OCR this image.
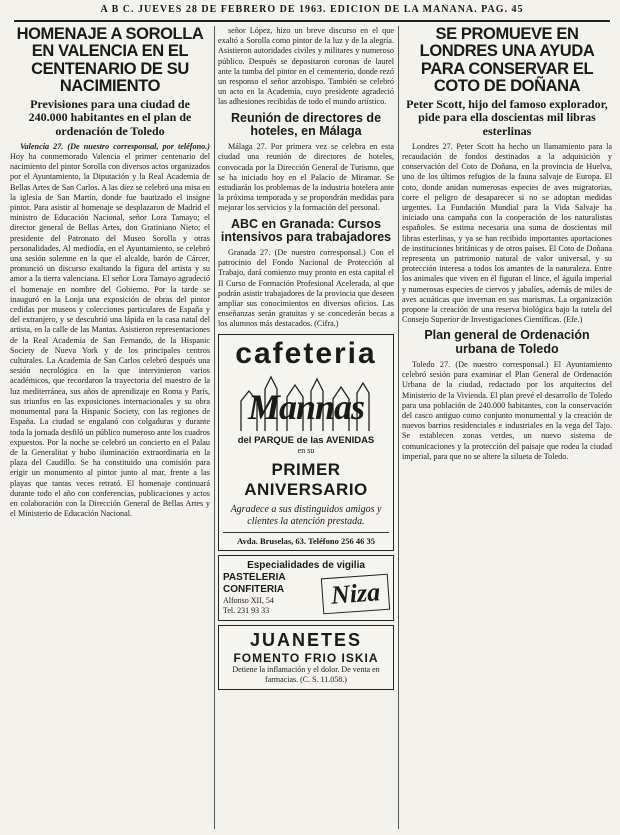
A B C. JUEVES 28 DE FEBRERO DE 1963. EDICION DE LA MAÑANA. PAG. 45
HOMENAJE A SOROLLA EN VALENCIA EN EL CENTENARIO DE SU NACIMIENTO
Previsiones para una ciudad de 240.000 habitantes en el plan de ordenación de Toledo

Valencia 27. (De nuestro corresponsal, por teléfono.) Hoy ha conmemorado Valencia el primer centenario del nacimiento del pintor Sorolla con diversos actos organizados por el Ayuntamiento, la Diputación y la Real Academia de Bellas Artes de San Carlos. A las diez se celebró una misa en la iglesia de San Martín, donde fue bautizado el insigne pintor. Para asistir al homenaje se desplazaron de Madrid el ministro de Educación Nacional, señor Lora Tamayo; el director general de Bellas Artes, don Gratiniano Nieto; el presidente del Patronato del Museo Sorolla y otras personalidades. Al mediodía, en el Ayuntamiento, se celebró una sesión solemne en la que el alcalde, barón de Cárcer, pronunció un discurso exaltando la figura del artista y su amor a la tierra valenciana. El señor Lora Tamayo agradeció el homenaje en nombre del Gobierno. Por la tarde se inauguró en la Lonja una exposición de obras del pintor cedidas por museos y colecciones particulares de España y del extranjero, y se descubrió una lápida en la casa natal del artista, en la calle de las Mantas. Asistieron representaciones de la Real Academia de San Fernando, de la Hispanic Society de Nueva York y de los principales centros culturales. La Academia de San Carlos celebró después una sesión necrológica en la que intervinieron varios académicos, que recordaron la trayectoria del maestro de la luz mediterránea, sus años de aprendizaje en Roma y París, sus triunfos en las exposiciones internacionales y su obra monumental para la Hispanic Society, con las regiones de España. La ciudad se engalanó con colgaduras y durante toda la jornada desfiló un público numeroso ante los cuadros expuestos. Por la noche se celebró un concierto en el Palau de la Generalitat y hubo iluminación extraordinaria en la plaza del Caudillo. Se ha constituido una comisión para erigir un monumento al pintor junto al mar, frente a las playas que tantas veces retrató. El homenaje continuará durante todo el año con conferencias, publicaciones y actos en colaboración con la Dirección General de Bellas Artes y el Ministerio de Educación Nacional.

señor López, hizo un breve discurso en el que exaltó a Sorolla como pintor de la luz y de la alegría. Asistieron autoridades civiles y militares y numeroso público. Después se depositaron coronas de laurel ante la tumba del pintor en el cementerio, donde rezó un responso el señor arzobispo. También se celebró un acto en la Academia, cuyo presidente agradeció las adhesiones recibidas de todo el mundo artístico.

Reunión de directores de hoteles, en Málaga

Málaga 27. Por primera vez se celebra en esta ciudad una reunión de directores de hoteles, convocada por la Dirección General de Turismo, que se ha iniciado hoy en el Palacio de Miramar. Se estudiarán los problemas de la industria hotelera ante la próxima temporada y se propondrán medidas para mejorar los servicios y la formación del personal.

ABC en Granada: Cursos intensivos para trabajadores

Granada 27. (De nuestro corresponsal.) Con el patrocinio del Fondo Nacional de Protección al Trabajo, dará comienzo muy pronto en esta capital el II Curso de Formación Profesional Acelerada, al que podrán asistir trabajadores de la provincia que deseen ampliar sus conocimientos en diversos oficios. Las enseñanzas serán gratuitas y se concederán becas a los alumnos más destacados. (Cifra.)

cafeteria
Mannas
del PARQUE de las AVENIDAS
en su
PRIMER ANIVERSARIO
Agradece a sus distinguidos amigos y clientes la atención prestada.
Avda. Bruselas, 63. Teléfono 256 46 35
Especialidades de vigilia
PASTELERIA CONFITERIA
Alfonso XII, 54
Tel. 231 93 33
Niza
JUANETES
FOMENTO FRIO ISKIA
Detiene la inflamación y el dolor. De venta en farmacias. (C. S. 11.058.)
SE PROMUEVE EN LONDRES UNA AYUDA PARA CONSERVAR EL COTO DE DOÑANA
Peter Scott, hijo del famoso explorador, pide para ella doscientas mil libras esterlinas

Londres 27. Peter Scott ha hecho un llamamiento para la recaudación de fondos destinados a la adquisición y conservación del Coto de Doñana, en la provincia de Huelva, uno de los últimos refugios de la fauna salvaje de Europa. El coto, donde anidan numerosas especies de aves migratorias, corre el peligro de desaparecer si no se adoptan medidas urgentes. La Fundación Mundial para la Vida Salvaje ha iniciado una campaña con la cooperación de los naturalistas españoles. Se estima necesaria una suma de doscientas mil libras esterlinas, y ya se han recibido importantes aportaciones de instituciones británicas y de otros países. El Coto de Doñana representa un patrimonio natural de valor universal, y su protección interesa a todos los amantes de la naturaleza. Entre los animales que viven en él figuran el lince, el águila imperial y numerosas especies de ciervos y jabalíes, además de miles de aves acuáticas que invernan en sus marismas. La organización propone la creación de una reserva biológica bajo la tutela del Consejo Superior de Investigaciones Científicas. (Efe.)

Plan general de Ordenación urbana de Toledo

Toledo 27. (De nuestro corresponsal.) El Ayuntamiento celebró sesión para examinar el Plan General de Ordenación Urbana de la ciudad, redactado por los arquitectos del Ministerio de la Vivienda. El plan prevé el desarrollo de Toledo para una población de 240.000 habitantes, con la conservación del casco antiguo como conjunto monumental y la creación de nuevos barrios residenciales e industriales en la vega del Tajo. Se establecen zonas verdes, un nuevo sistema de comunicaciones y la protección del paisaje que rodea la ciudad imperial, para que no se altere la silueta de Toledo.
